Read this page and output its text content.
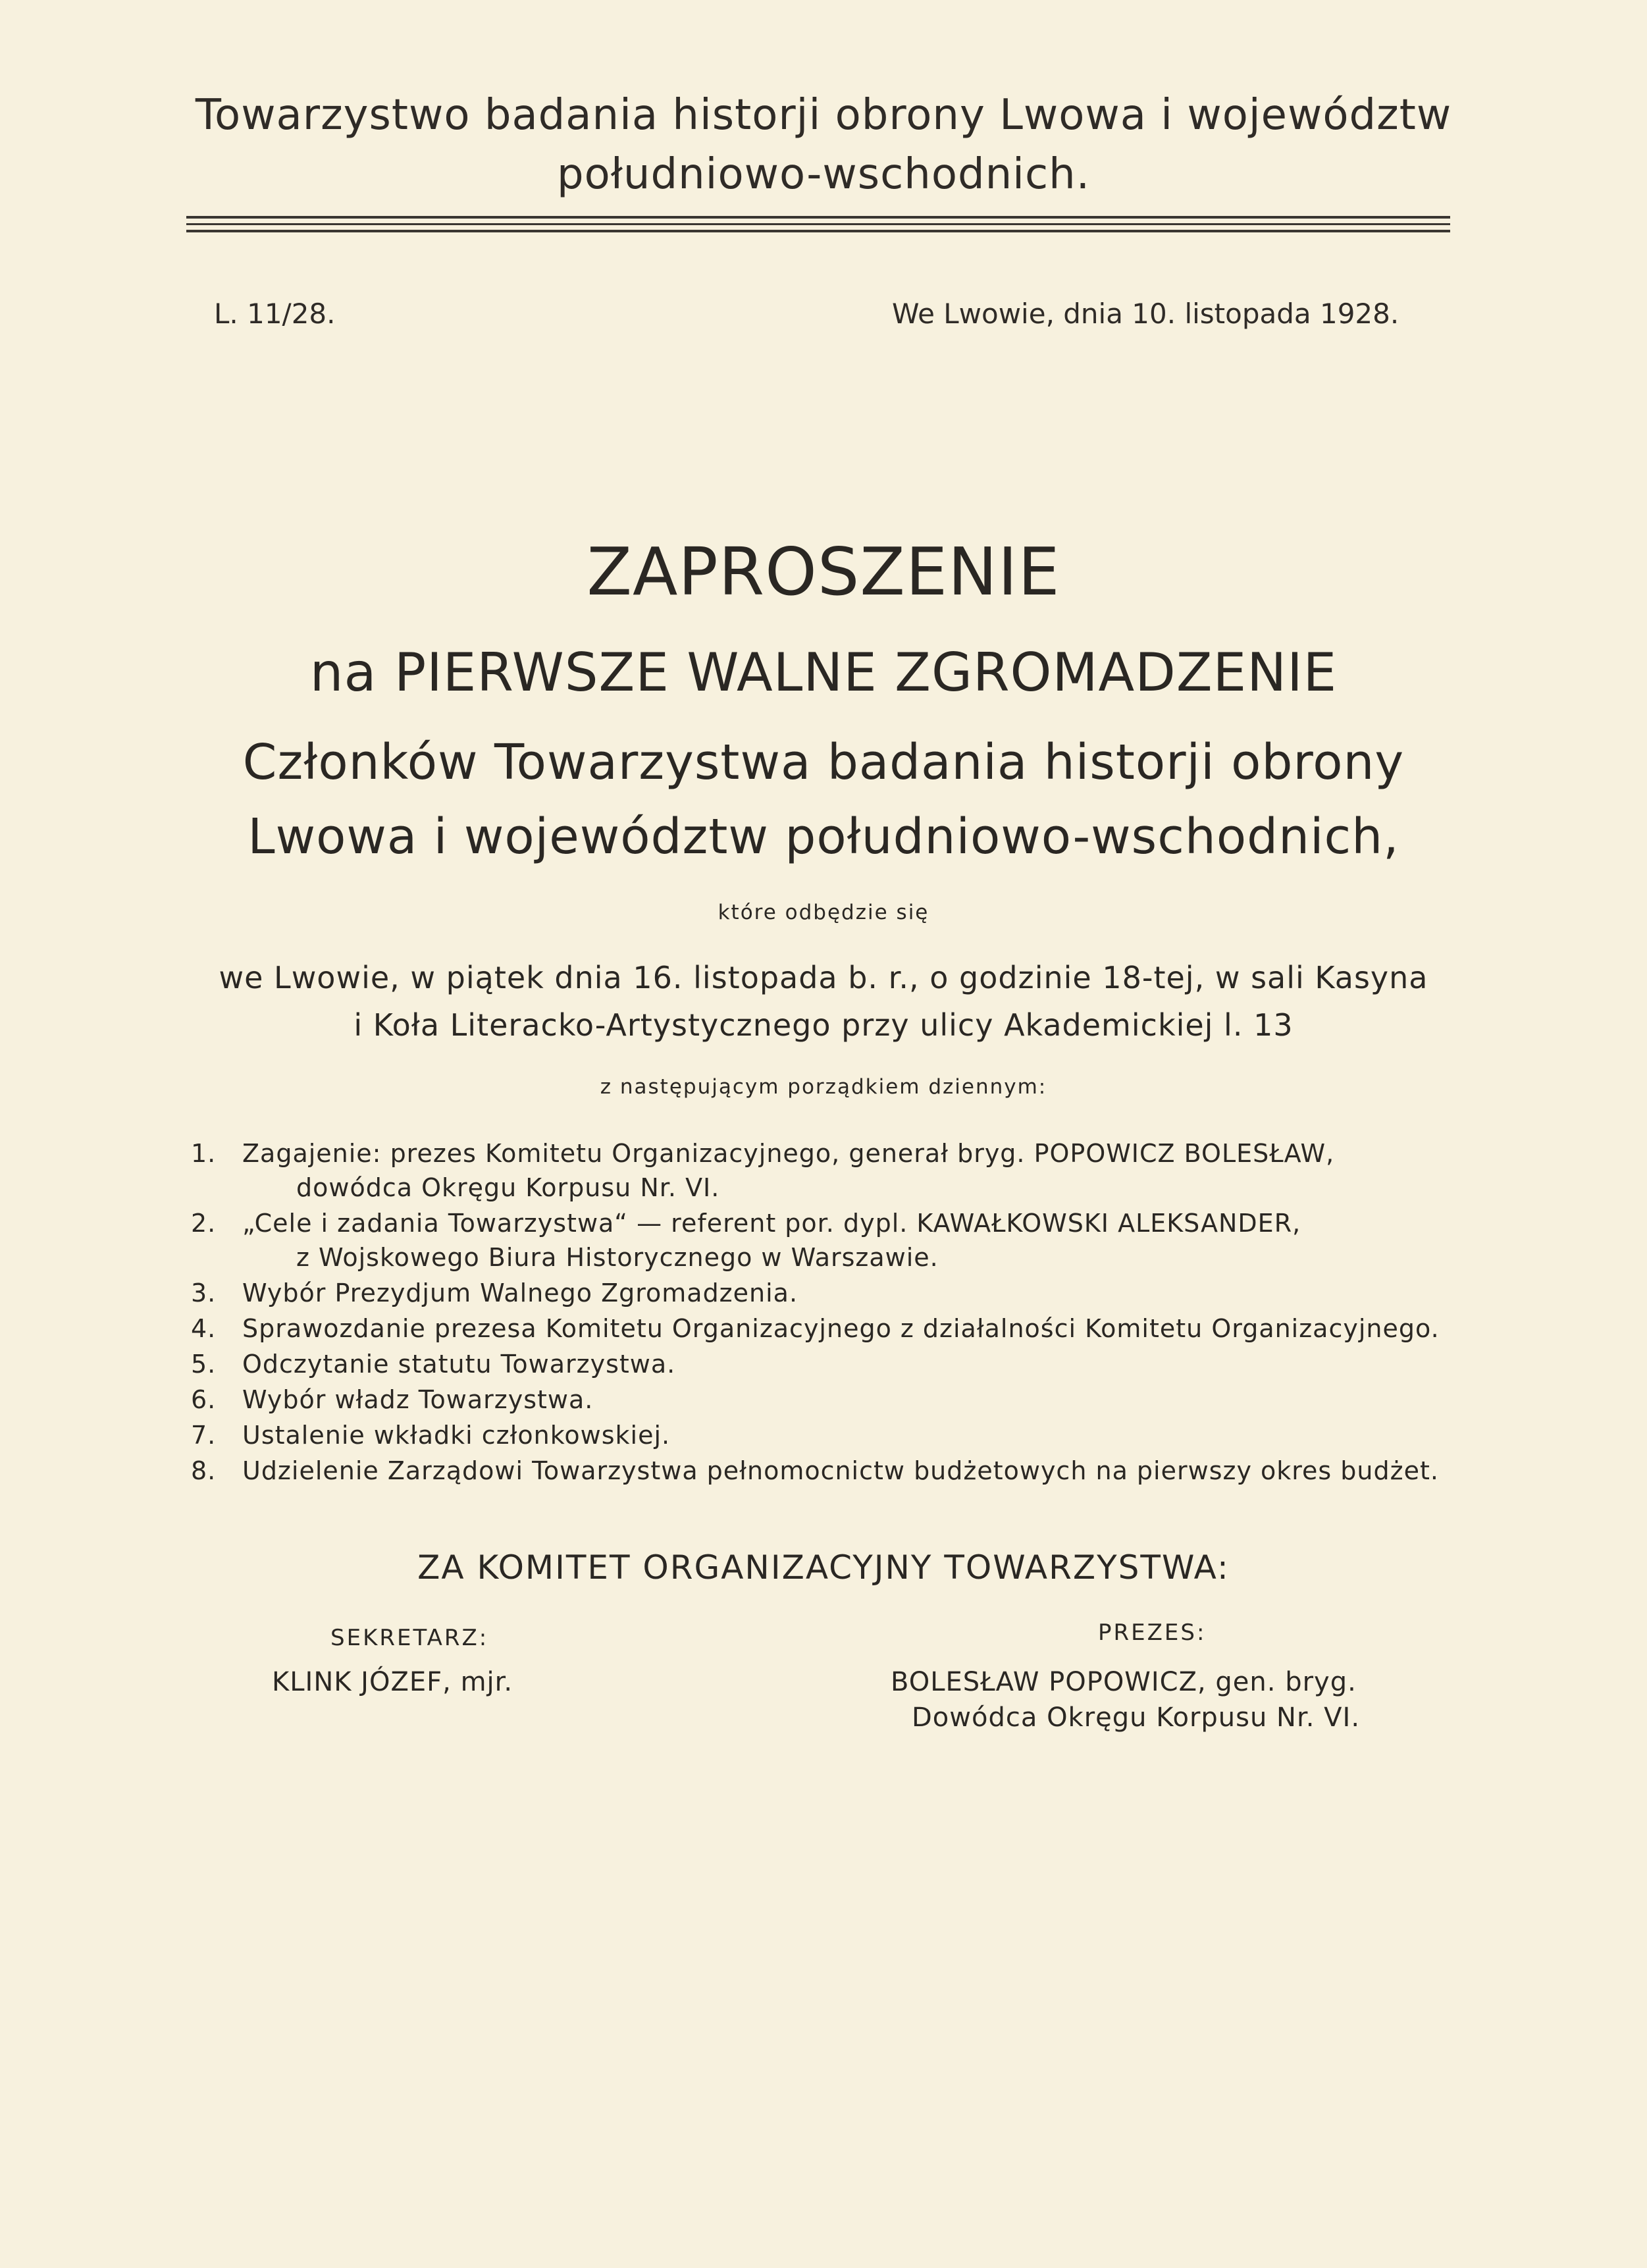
Towarzystwo badania historji obrony Lwowa i województw
południowo-wschodnich.
L. 11/28.	We Lwowie, dnia 10. listopada 1928.
ZAPROSZENIE
na PIERWSZE WALNE ZGROMADZENIE
Członków Towarzystwa badania historji obrony
Lwowa i województw południowo-wschodnich,
które odbędzie się
we Lwowie, w piątek dnia 16. listopada b. r., o godzinie 18-tej, w sali Kasyna
i Koła Literacko-Artystycznego przy ulicy Akademickiej l. 13
z następującym porządkiem dziennym:
1. Zagajenie: prezes Komitetu Organizacyjnego, generał bryg. POPOWICZ BOLESŁAW,
dowódca Okręgu Korpusu Nr. VI.
2. „Cele i zadania Towarzystwa“ — referent por. dypl. KAWAŁKOWSKI ALEKSANDER,
z Wojskowego Biura Historycznego w Warszawie.
3. Wybór Prezydjum Walnego Zgromadzenia.
4. Sprawozdanie prezesa Komitetu Organizacyjnego z działalności Komitetu Organizacyjnego.
5. Odczytanie statutu Towarzystwa.
6. Wybór władz Towarzystwa.
7. Ustalenie wkładki członkowskiej.
8. Udzielenie Zarządowi Towarzystwa pełnomocnictw budżetowych na pierwszy okres budżet.
ZA KOMITET ORGANIZACYJNY TOWARZYSTWA:
SEKRETARZ:
KLINK JÓZEF, mjr.
PREZES:
BOLESŁAW POPOWICZ, gen. bryg.
Dowódca Okręgu Korpusu Nr. VI.
